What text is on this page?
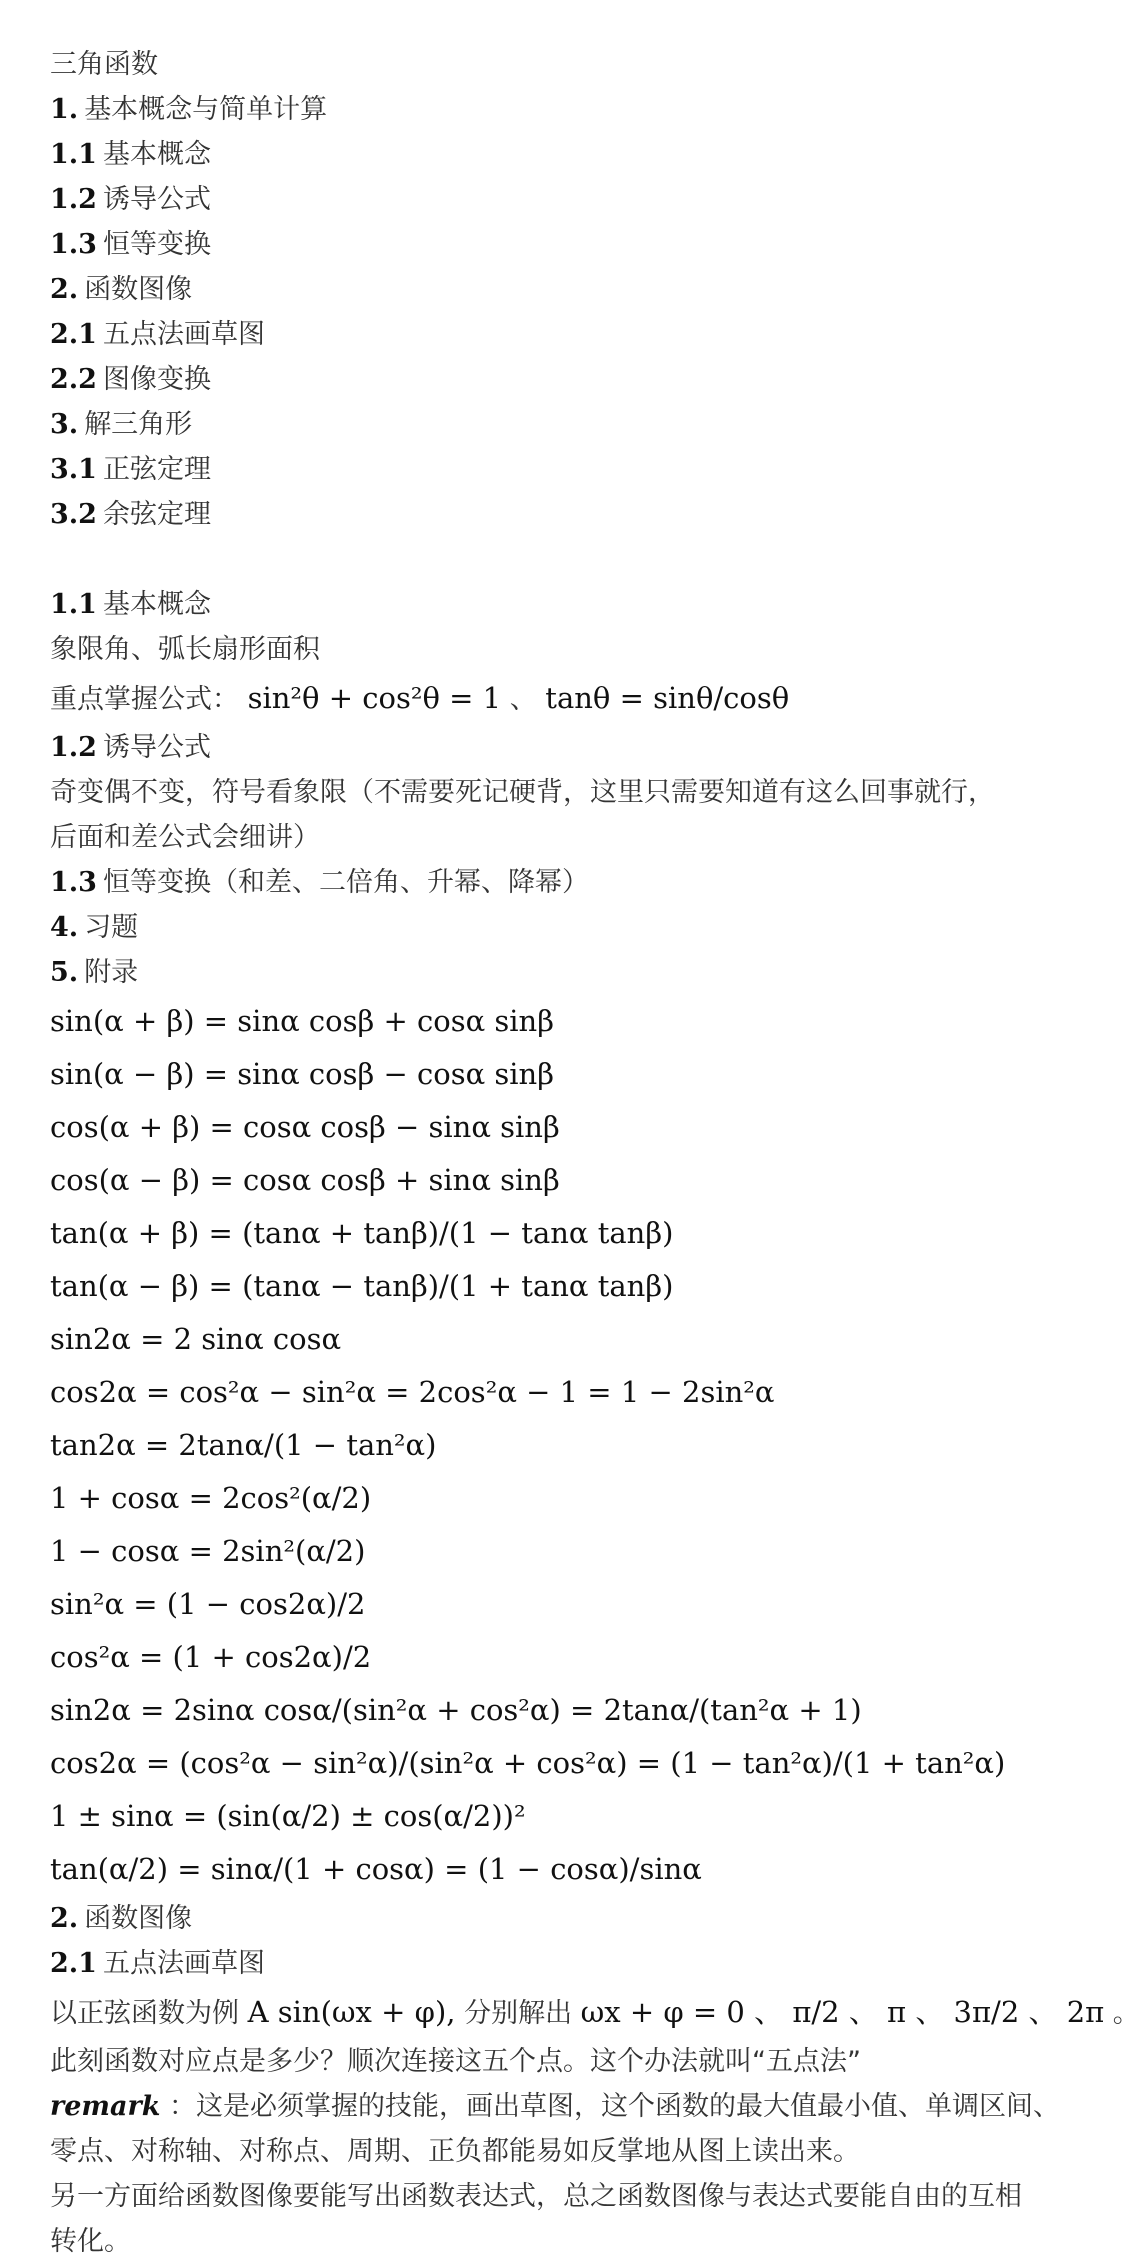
三角函数
1. 基本概念与简单计算
1.1 基本概念
1.2 诱导公式
1.3 恒等变换
2. 函数图像
2.1 五点法画草图
2.2 图像变换
3. 解三角形
3.1 正弦定理
3.2 余弦定理
1.1 基本概念
象限角、弧长扇形面积
重点掌握公式： sin²θ + cos²θ = 1 、 tanθ = sinθ/cosθ
1.2 诱导公式
奇变偶不变，符号看象限（不需要死记硬背，这里只需要知道有这么回事就行，
后面和差公式会细讲）
1.3 恒等变换（和差、二倍角、升幂、降幂）
4. 习题
5. 附录
sin(α + β) = sinα cosβ + cosα sinβ
sin(α − β) = sinα cosβ − cosα sinβ
cos(α + β) = cosα cosβ − sinα sinβ
cos(α − β) = cosα cosβ + sinα sinβ
tan(α + β) = (tanα + tanβ)/(1 − tanα tanβ)
tan(α − β) = (tanα − tanβ)/(1 + tanα tanβ)
sin2α = 2 sinα cosα
cos2α = cos²α − sin²α = 2cos²α − 1 = 1 − 2sin²α
tan2α = 2tanα/(1 − tan²α)
1 + cosα = 2cos²(α/2)
1 − cosα = 2sin²(α/2)
sin²α = (1 − cos2α)/2
cos²α = (1 + cos2α)/2
sin2α = 2sinα cosα/(sin²α + cos²α) = 2tanα/(tan²α + 1)
cos2α = (cos²α − sin²α)/(sin²α + cos²α) = (1 − tan²α)/(1 + tan²α)
1 ± sinα = (sin(α/2) ± cos(α/2))²
tan(α/2) = sinα/(1 + cosα) = (1 − cosα)/sinα
2. 函数图像
2.1 五点法画草图
以正弦函数为例 A sin(ωx + φ), 分别解出 ωx + φ = 0 、 π/2 、 π 、 3π/2 、 2π 。
此刻函数对应点是多少？顺次连接这五个点。这个办法就叫“五点法”
remark ：这是必须掌握的技能，画出草图，这个函数的最大值最小值、单调区间、
零点、对称轴、对称点、周期、正负都能易如反掌地从图上读出来。
另一方面给函数图像要能写出函数表达式，总之函数图像与表达式要能自由的互相
转化。
